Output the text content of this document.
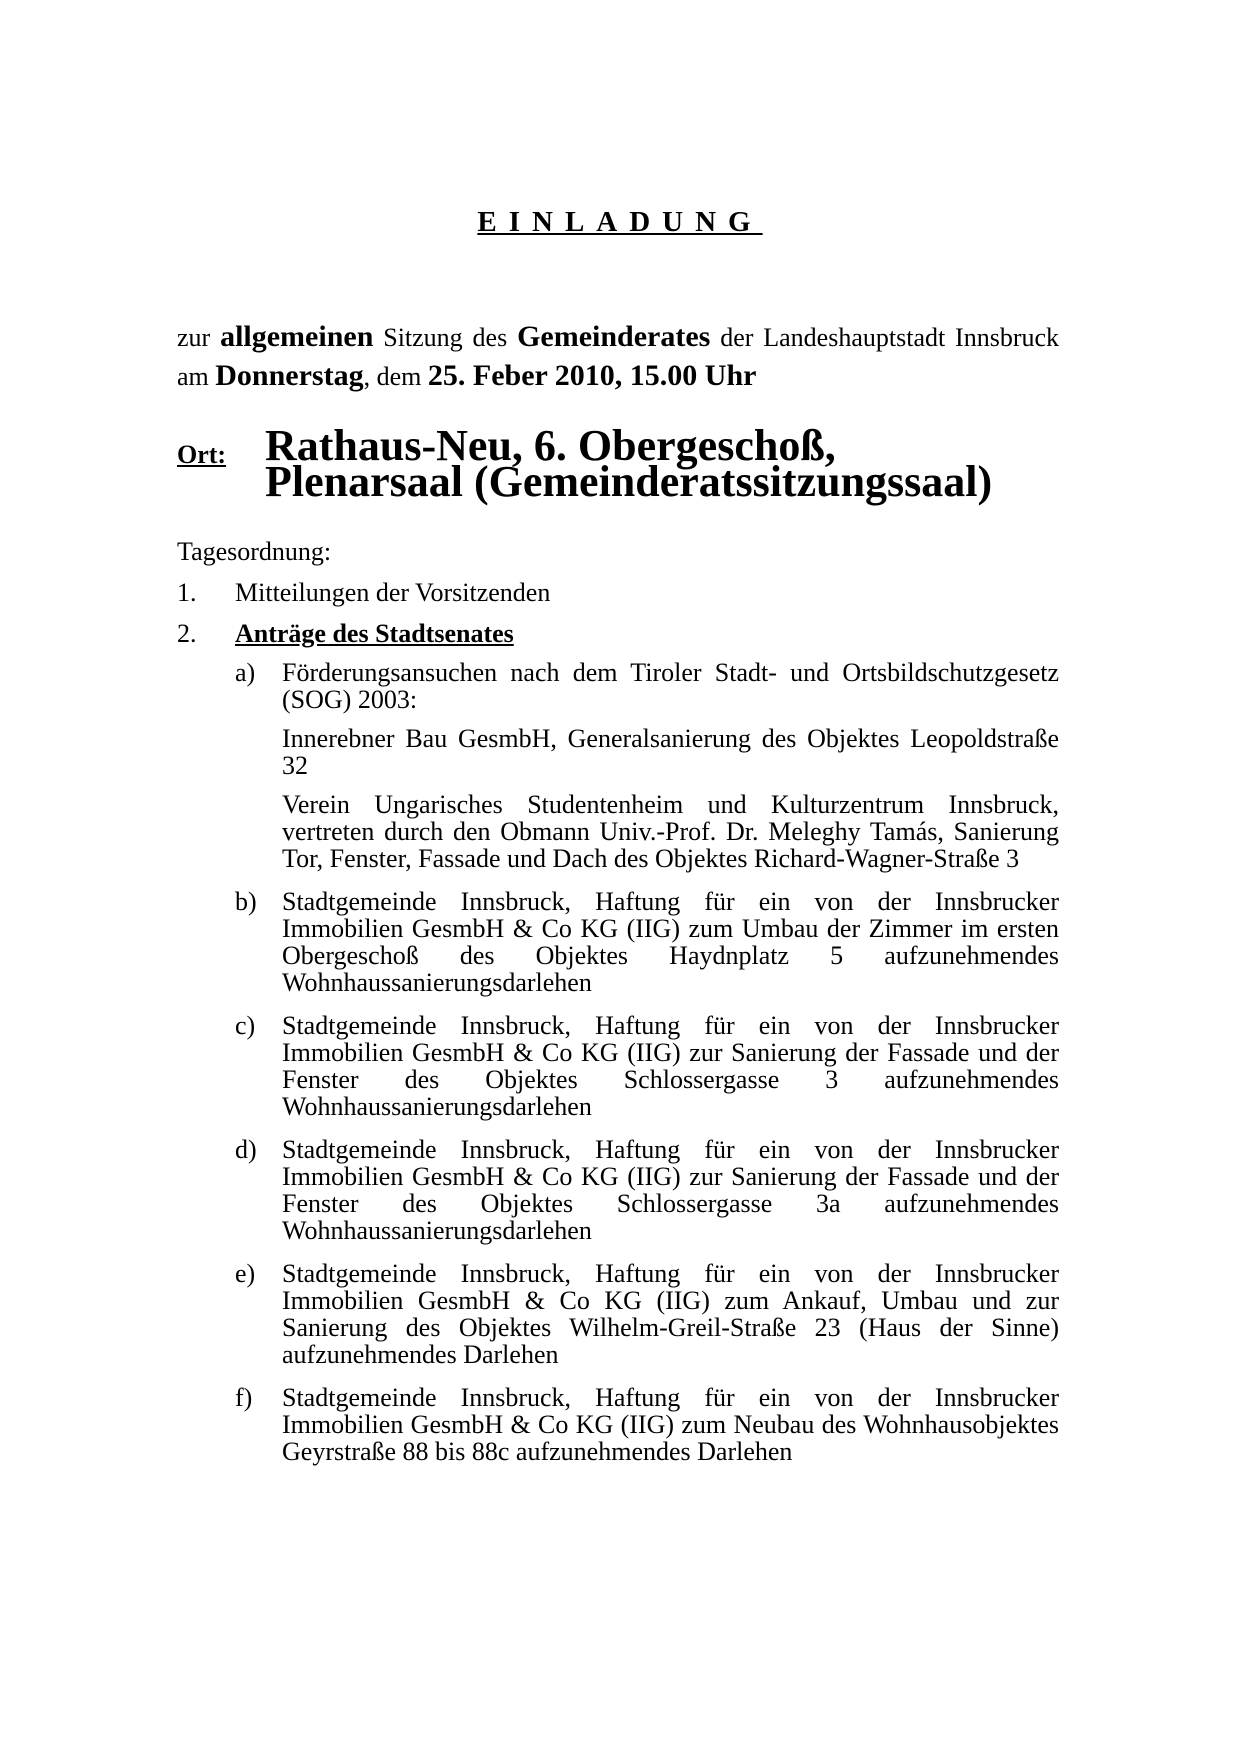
EINLADUNG
zur allgemeinen Sitzung des Gemeinderates der Landeshauptstadt Innsbruck am Donnerstag, dem 25. Feber 2010, 15.00 Uhr
Ort: Rathaus-Neu, 6. Obergeschoß,
Plenarsaal (Gemeinderatssitzungssaal)
Tagesordnung:
1.	Mitteilungen der Vorsitzenden
2.	Anträge des Stadtsenates
a)	Förderungsansuchen nach dem Tiroler Stadt- und Ortsbildschutzgesetz (SOG) 2003:

Innerebner Bau GesmbH, Generalsanierung des Objektes Leopoldstraße 32

Verein Ungarisches Studentenheim und Kulturzentrum Innsbruck, vertreten durch den Obmann Univ.-Prof. Dr. Meleghy Tamás, Sanierung Tor, Fenster, Fassade und Dach des Objektes Richard-Wagner-Straße 3

b) Stadtgemeinde Innsbruck, Haftung für ein von der Innsbrucker Immobilien GesmbH & Co KG (IIG) zum Umbau der Zimmer im ersten Obergeschoß des Objektes Haydnplatz 5 aufzunehmendes Wohnhaussanierungsdarlehen
c)	Stadtgemeinde Innsbruck, Haftung für ein von der Innsbrucker Immobilien GesmbH & Co KG (IIG) zur Sanierung der Fassade und der Fenster des Objektes Schlossergasse 3 aufzunehmendes Wohnhaussanierungsdarlehen
d) Stadtgemeinde Innsbruck, Haftung für ein von der Innsbrucker Immobilien GesmbH & Co KG (IIG) zur Sanierung der Fassade und der Fenster des Objektes Schlossergasse 3a aufzunehmendes Wohnhaussanierungsdarlehen
e)	Stadtgemeinde Innsbruck, Haftung für ein von der Innsbrucker Immobilien GesmbH & Co KG (IIG) zum Ankauf, Umbau und zur Sanierung des Objektes Wilhelm-Greil-Straße 23 (Haus der Sinne) aufzunehmendes Darlehen
f)	Stadtgemeinde Innsbruck, Haftung für ein von der Innsbrucker Immobilien GesmbH & Co KG (IIG) zum Neubau des Wohnhausobjektes Geyrstraße 88 bis 88c aufzunehmendes Darlehen
